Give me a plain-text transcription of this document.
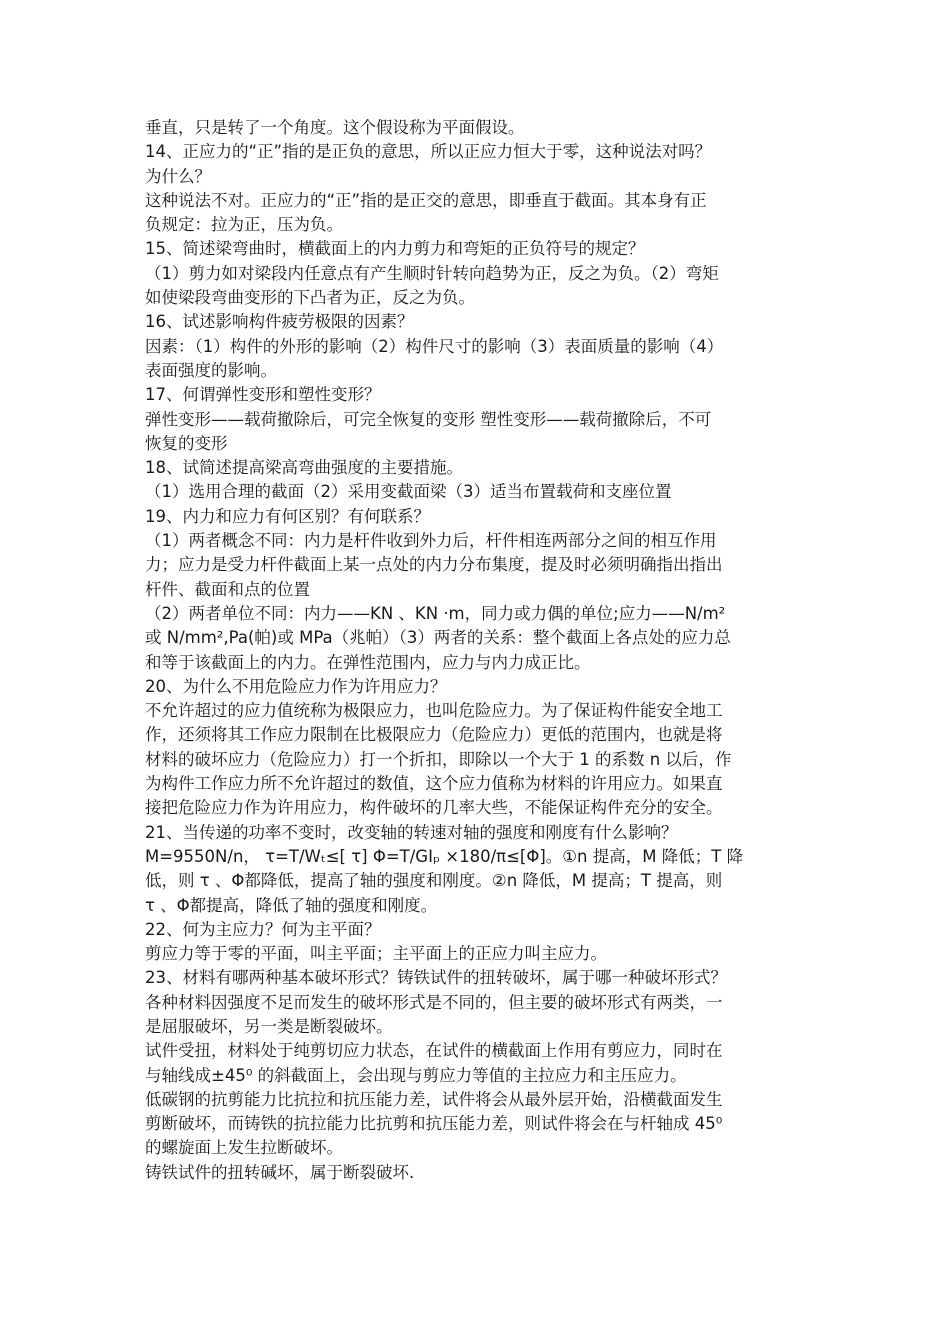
垂直，只是转了一个角度。这个假设称为平面假设。
14、正应力的“正”指的是正负的意思，所以正应力恒大于零，这种说法对吗？
为什么？
这种说法不对。正应力的“正”指的是正交的意思，即垂直于截面。其本身有正
负规定：拉为正，压为负。
15、简述梁弯曲时，横截面上的内力剪力和弯矩的正负符号的规定？
（1）剪力如对梁段内任意点有产生顺时针转向趋势为正，反之为负。（2）弯矩
如使梁段弯曲变形的下凸者为正，反之为负。
16、试述影响构件疲劳极限的因素？
因素：（1）构件的外形的影响（2）构件尺寸的影响（3）表面质量的影响（4）
表面强度的影响。
17、何谓弹性变形和塑性变形？
弹性变形——载荷撤除后，可完全恢复的变形 塑性变形——载荷撤除后，不可
恢复的变形
18、试简述提高梁高弯曲强度的主要措施。
（1）选用合理的截面（2）采用变截面梁（3）适当布置载荷和支座位置
19、内力和应力有何区别？有何联系？
（1）两者概念不同：内力是杆件收到外力后，杆件相连两部分之间的相互作用
力；应力是受力杆件截面上某一点处的内力分布集度，提及时必须明确指出指出
杆件、截面和点的位置
（2）两者单位不同：内力——KN 、KN ·m，同力或力偶的单位;应力——N/m²
或 N/mm²,Pa(帕)或 MPa（兆帕）（3）两者的关系：整个截面上各点处的应力总
和等于该截面上的内力。在弹性范围内，应力与内力成正比。
20、为什么不用危险应力作为许用应力？
不允许超过的应力值统称为极限应力，也叫危险应力。为了保证构件能安全地工
作，还须将其工作应力限制在比极限应力（危险应力）更低的范围内，也就是将
材料的破坏应力（危险应力）打一个折扣，即除以一个大于 1 的系数 n 以后，作
为构件工作应力所不允许超过的数值，这个应力值称为材料的许用应力。如果直
接把危险应力作为许用应力，构件破坏的几率大些，不能保证构件充分的安全。
21、当传递的功率不变时，改变轴的转速对轴的强度和刚度有什么影响？
M=9550N/n， τ=T/Wₜ≤[ τ] Φ=T/GIₚ ×180/π≤[Φ]。①n 提高，M 降低；T 降
低，则 τ 、Φ都降低，提高了轴的强度和刚度。②n 降低，M 提高；T 提高，则
τ 、Φ都提高，降低了轴的强度和刚度。
22、何为主应力？何为主平面？
剪应力等于零的平面，叫主平面；主平面上的正应力叫主应力。
23、材料有哪两种基本破坏形式？铸铁试件的扭转破坏，属于哪一种破坏形式？
各种材料因强度不足而发生的破坏形式是不同的，但主要的破坏形式有两类，一
是屈服破坏，另一类是断裂破坏。
试件受扭，材料处于纯剪切应力状态，在试件的横截面上作用有剪应力，同时在
与轴线成±45⁰ 的斜截面上，会出现与剪应力等值的主拉应力和主压应力。
低碳钢的抗剪能力比抗拉和抗压能力差，试件将会从最外层开始，沿横截面发生
剪断破坏，而铸铁的抗拉能力比抗剪和抗压能力差，则试件将会在与杆轴成 45⁰
的螺旋面上发生拉断破坏。
铸铁试件的扭转碱坏，属于断裂破坏.
